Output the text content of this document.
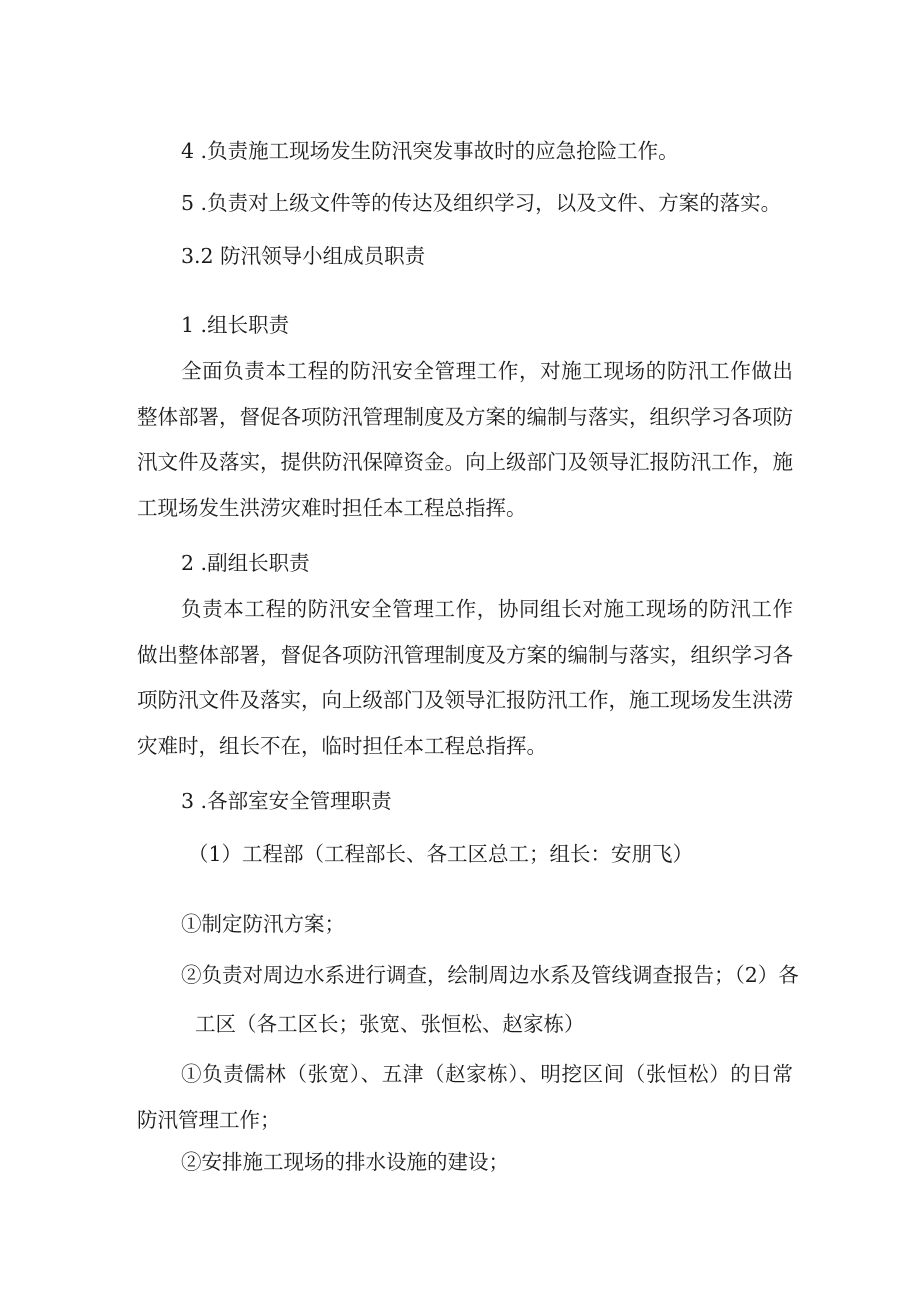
4 .负责施工现场发生防汛突发事故时的应急抢险工作。
5 .负责对上级文件等的传达及组织学习，以及文件、方案的落实。
3.2 防汛领导小组成员职责
1 .组长职责
全面负责本工程的防汛安全管理工作，对施工现场的防汛工作做出整体部署，督促各项防汛管理制度及方案的编制与落实，组织学习各项防汛文件及落实，提供防汛保障资金。向上级部门及领导汇报防汛工作，施工现场发生洪涝灾难时担任本工程总指挥。
2 .副组长职责
负责本工程的防汛安全管理工作，协同组长对施工现场的防汛工作做出整体部署，督促各项防汛管理制度及方案的编制与落实，组织学习各项防汛文件及落实，向上级部门及领导汇报防汛工作，施工现场发生洪涝灾难时，组长不在，临时担任本工程总指挥。
3 .各部室安全管理职责
（1）工程部（工程部长、各工区总工；组长：安朋飞）
①制定防汛方案；
②负责对周边水系进行调查，绘制周边水系及管线调查报告；（2）各
工区（各工区长；张宽、张恒松、赵家栋）
①负责儒林（张宽）、五津（赵家栋）、明挖区间（张恒松）的日常防汛管理工作；
②安排施工现场的排水设施的建设；
